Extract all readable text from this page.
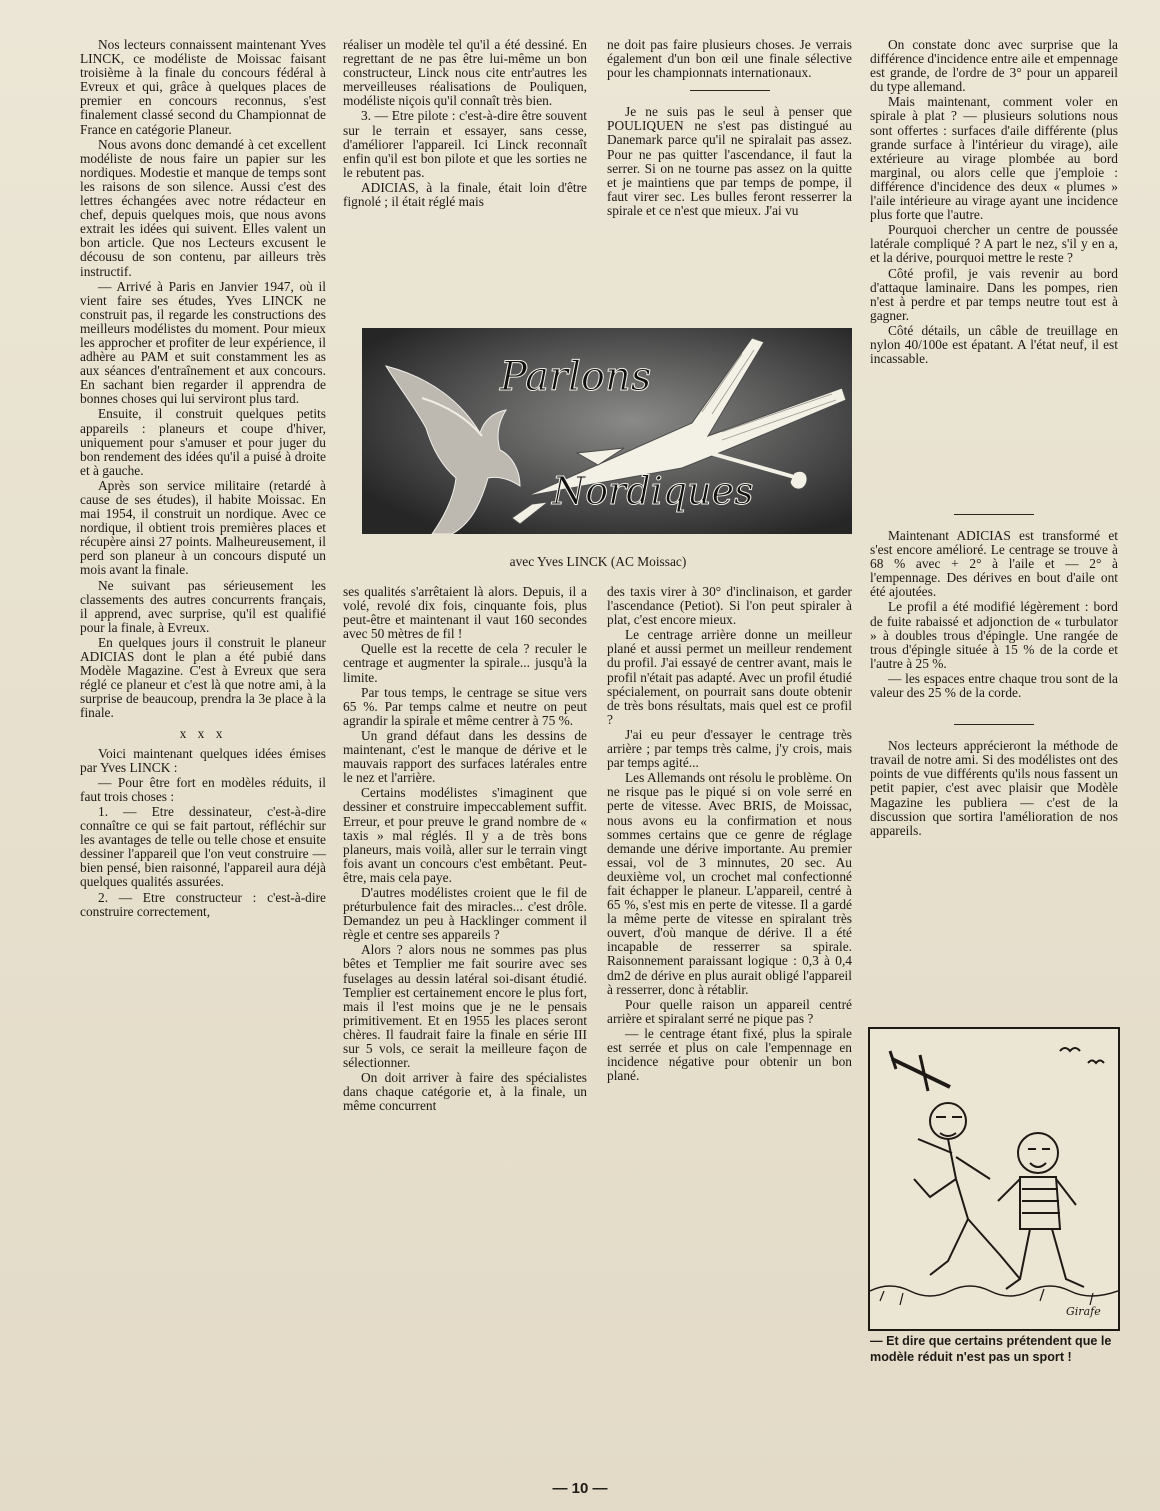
Nos lecteurs connaissent maintenant Yves LINCK, ce modéliste de Moissac faisant troisième à la finale du concours fédéral à Evreux et qui, grâce à quelques places de premier en concours reconnus, s'est finalement classé second du Championnat de France en catégorie Planeur.

Nous avons donc demandé à cet excellent modéliste de nous faire un papier sur les nordiques. Modestie et manque de temps sont les raisons de son silence. Aussi c'est des lettres échangées avec notre rédacteur en chef, depuis quelques mois, que nous avons extrait les idées qui suivent. Elles valent un bon article. Que nos Lecteurs excusent le décousu de son contenu, par ailleurs très instructif.

— Arrivé à Paris en Janvier 1947, où il vient faire ses études, Yves LINCK ne construit pas, il regarde les constructions des meilleurs modélistes du moment. Pour mieux les approcher et profiter de leur expérience, il adhère au PAM et suit constamment les as aux séances d'entraînement et aux concours. En sachant bien regarder il apprendra de bonnes choses qui lui serviront plus tard.

Ensuite, il construit quelques petits appareils : planeurs et coupe d'hiver, uniquement pour s'amuser et pour juger du bon rendement des idées qu'il a puisé à droite et à gauche.

Après son service militaire (retardé à cause de ses études), il habite Moissac. En mai 1954, il construit un nordique. Avec ce nordique, il obtient trois premières places et récupère ainsi 27 points. Malheureusement, il perd son planeur à un concours disputé un mois avant la finale.

Ne suivant pas sérieusement les classements des autres concurrents français, il apprend, avec surprise, qu'il est qualifié pour la finale, à Evreux.

En quelques jours il construit le planeur ADICIAS dont le plan a été pubié dans Modèle Magazine. C'est à Evreux que sera réglé ce planeur et c'est là que notre ami, à la surprise de beaucoup, prendra la 3e place à la finale.

x x x

Voici maintenant quelques idées émises par Yves LINCK :

— Pour être fort en modèles réduits, il faut trois choses :

1. — Etre dessinateur, c'est-à-dire connaître ce qui se fait partout, réfléchir sur les avantages de telle ou telle chose et ensuite dessiner l'appareil que l'on veut construire — bien pensé, bien raisonné, l'appareil aura déjà quelques qualités assurées.

2. — Etre constructeur : c'est-à-dire construire correctement,

réaliser un modèle tel qu'il a été dessiné. En regrettant de ne pas être lui-même un bon constructeur, Linck nous cite entr'autres les merveilleuses réalisations de Pouliquen, modéliste niçois qu'il connaît très bien.

3. — Etre pilote : c'est-à-dire être souvent sur le terrain et essayer, sans cesse, d'améliorer l'appareil. Ici Linck reconnaît enfin qu'il est bon pilote et que les sorties ne le rebutent pas.

ADICIAS, à la finale, était loin d'être fignolé ; il était réglé mais

ne doit pas faire plusieurs choses. Je verrais également d'un bon œil une finale sélective pour les championnats internationaux.

Je ne suis pas le seul à penser que POULIQUEN ne s'est pas distingué au Danemark parce qu'il ne spiralait pas assez. Pour ne pas quitter l'ascendance, il faut la serrer. Si on ne tourne pas assez on la quitte et je maintiens que par temps de pompe, il faut virer sec. Les bulles feront resserrer la spirale et ce n'est que mieux. J'ai vu

On constate donc avec surprise que la différence d'incidence entre aile et empennage est grande, de l'ordre de 3° pour un appareil du type allemand.

Mais maintenant, comment voler en spirale à plat ? — plusieurs solutions nous sont offertes : surfaces d'aile différente (plus grande surface à l'intérieur du virage), aile extérieure au virage plombée au bord marginal, ou alors celle que j'emploie : différence d'incidence des deux « plumes » l'aile intérieure au virage ayant une incidence plus forte que l'autre.

Pourquoi chercher un centre de poussée latérale compliqué ? A part le nez, s'il y en a, et la dérive, pourquoi mettre le reste ?

Côté profil, je vais revenir au bord d'attaque laminaire. Dans les pompes, rien n'est à perdre et par temps neutre tout est à gagner.

Côté détails, un câble de treuillage en nylon 40/100e est épatant. A l'état neuf, il est incassable.

Parlons
Nordiques
avec Yves LINCK (AC Moissac)

ses qualités s'arrêtaient là alors. Depuis, il a volé, revolé dix fois, cinquante fois, plus peut-être et maintenant il vaut 160 secondes avec 50 mètres de fil !

Quelle est la recette de cela ? reculer le centrage et augmenter la spirale... jusqu'à la limite.

Par tous temps, le centrage se situe vers 65 %. Par temps calme et neutre on peut agrandir la spirale et même centrer à 75 %.

Un grand défaut dans les dessins de maintenant, c'est le manque de dérive et le mauvais rapport des surfaces latérales entre le nez et l'arrière.

Certains modélistes s'imaginent que dessiner et construire impeccablement suffit. Erreur, et pour preuve le grand nombre de « taxis » mal réglés. Il y a de très bons planeurs, mais voilà, aller sur le terrain vingt fois avant un concours c'est embêtant. Peut-être, mais cela paye.

D'autres modélistes croient que le fil de préturbulence fait des miracles... c'est drôle. Demandez un peu à Hacklinger comment il règle et centre ses appareils ?

Alors ? alors nous ne sommes pas plus bêtes et Templier me fait sourire avec ses fuselages au dessin latéral soi-disant étudié. Templier est certainement encore le plus fort, mais il l'est moins que je ne le pensais primitivement. Et en 1955 les places seront chères. Il faudrait faire la finale en série III sur 5 vols, ce serait la meilleure façon de sélectionner.

On doit arriver à faire des spécialistes dans chaque catégorie et, à la finale, un même concurrent

des taxis virer à 30° d'inclinaison, et garder l'ascendance (Petiot). Si l'on peut spiraler à plat, c'est encore mieux.

Le centrage arrière donne un meilleur plané et aussi permet un meilleur rendement du profil. J'ai essayé de centrer avant, mais le profil n'était pas adapté. Avec un profil étudié spécialement, on pourrait sans doute obtenir de très bons résultats, mais quel est ce profil ?

J'ai eu peur d'essayer le centrage très arrière ; par temps très calme, j'y crois, mais par temps agité...

Les Allemands ont résolu le problème. On ne risque pas le piqué si on vole serré en perte de vitesse. Avec BRIS, de Moissac, nous avons eu la confirmation et nous sommes certains que ce genre de réglage demande une dérive importante. Au premier essai, vol de 3 minnutes, 20 sec. Au deuxième vol, un crochet mal confectionné fait échapper le planeur. L'appareil, centré à 65 %, s'est mis en perte de vitesse. Il a gardé la même perte de vitesse en spiralant très ouvert, d'où manque de dérive. Il a été incapable de resserrer sa spirale. Raisonnement paraissant logique : 0,3 à 0,4 dm2 de dérive en plus aurait obligé l'appareil à resserrer, donc à rétablir.

Pour quelle raison un appareil centré arrière et spiralant serré ne pique pas ?

— le centrage étant fixé, plus la spirale est serrée et plus on cale l'empennage en incidence négative pour obtenir un bon plané.

Maintenant ADICIAS est transformé et s'est encore amélioré. Le centrage se trouve à 68 % avec + 2° à l'aile et — 2° à l'empennage. Des dérives en bout d'aile ont été ajoutées.

Le profil a été modifié légèrement : bord de fuite rabaissé et adjonction de « turbulator » à doubles trous d'épingle. Une rangée de trous d'épingle située à 15 % de la corde et l'autre à 25 %.

— les espaces entre chaque trou sont de la valeur des 25 % de la corde.

Nos lecteurs apprécieront la méthode de travail de notre ami. Si des modélistes ont des points de vue différents qu'ils nous fassent un petit papier, c'est avec plaisir que Modèle Magazine les publiera — c'est de la discussion que sortira l'amélioration de nos appareils.

Girafe
— Et dire que certains prétendent que le modèle réduit n'est pas un sport !
— 10 —
